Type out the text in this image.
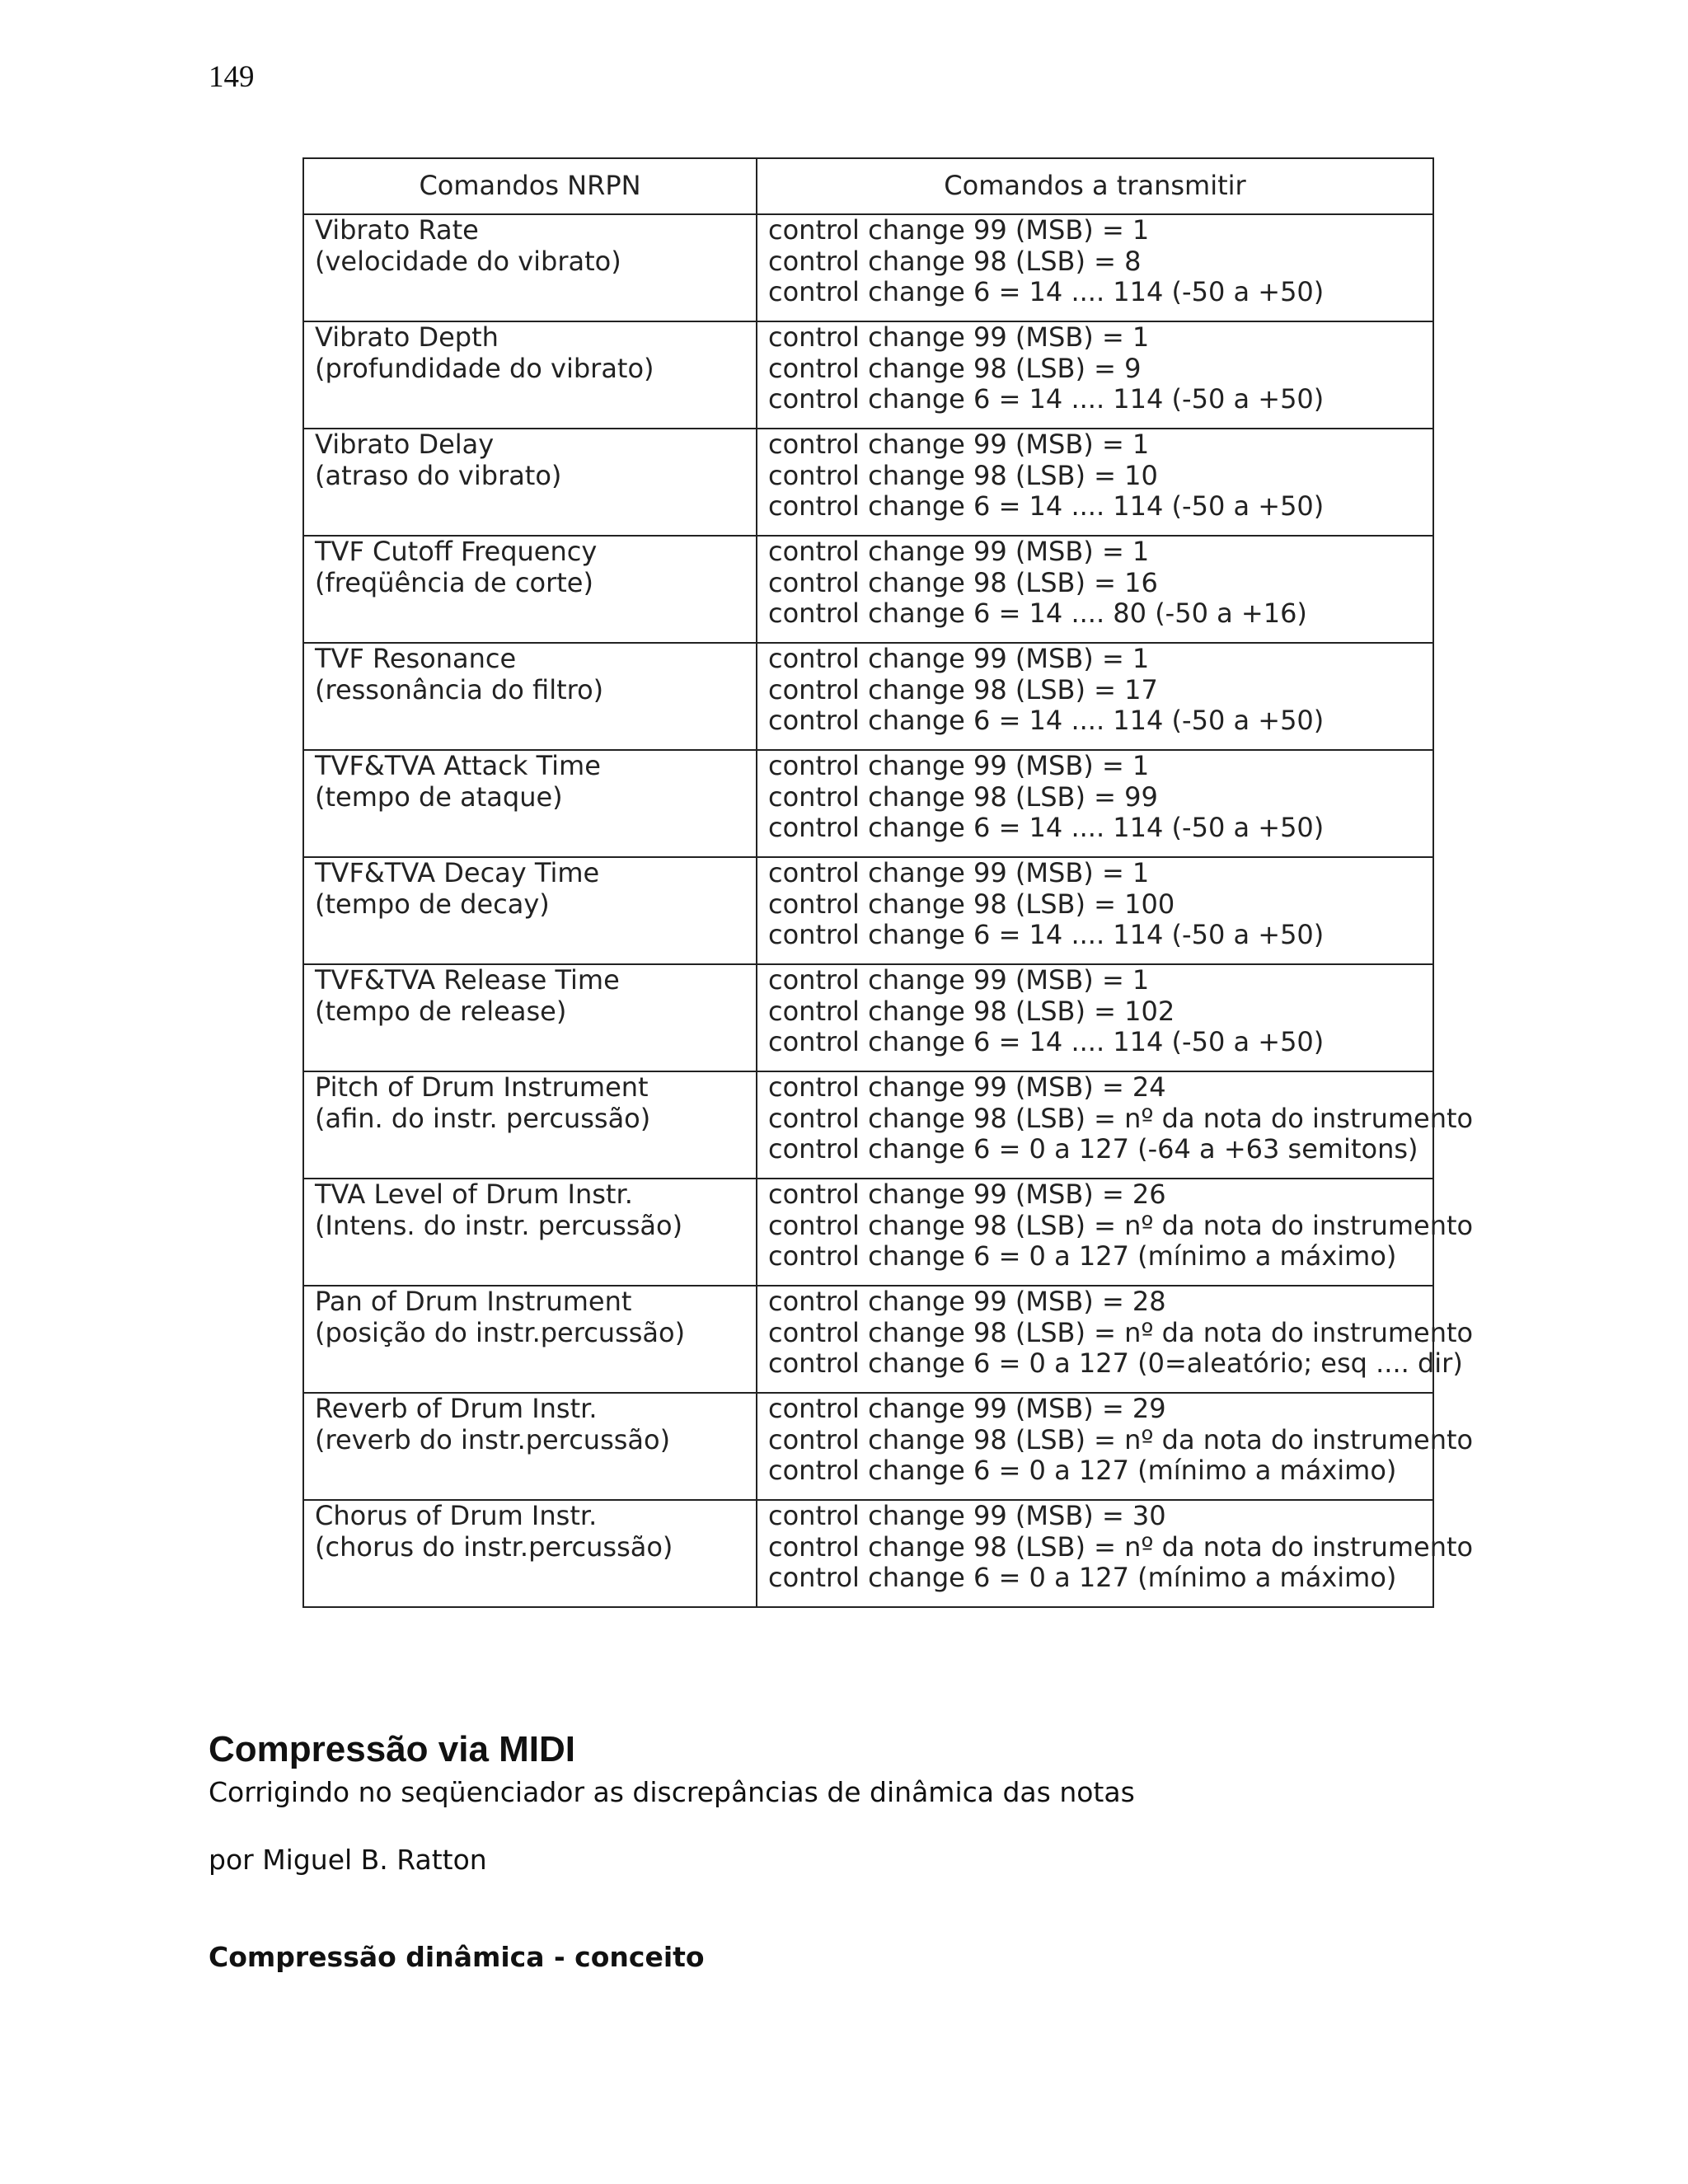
149
Comandos NRPN	Comandos a transmitir

Vibrato Rate
(velocidade do vibrato)	control change 99 (MSB) = 1
control change 98 (LSB) = 8
control change 6 = 14 .... 114 (-50 a +50)

Vibrato Depth
(profundidade do vibrato)	control change 99 (MSB) = 1
control change 98 (LSB) = 9
control change 6 = 14 .... 114 (-50 a +50)

Vibrato Delay
(atraso do vibrato)	control change 99 (MSB) = 1
control change 98 (LSB) = 10
control change 6 = 14 .... 114 (-50 a +50)

TVF Cutoff Frequency
(freqüência de corte)	control change 99 (MSB) = 1
control change 98 (LSB) = 16
control change 6 = 14 .... 80 (-50 a +16)

TVF Resonance
(ressonância do filtro)	control change 99 (MSB) = 1
control change 98 (LSB) = 17
control change 6 = 14 .... 114 (-50 a +50)

TVF&TVA Attack Time
(tempo de ataque)	control change 99 (MSB) = 1
control change 98 (LSB) = 99
control change 6 = 14 .... 114 (-50 a +50)

TVF&TVA Decay Time
(tempo de decay)	control change 99 (MSB) = 1
control change 98 (LSB) = 100
control change 6 = 14 .... 114 (-50 a +50)

TVF&TVA Release Time
(tempo de release)	control change 99 (MSB) = 1
control change 98 (LSB) = 102
control change 6 = 14 .... 114 (-50 a +50)

Pitch of Drum Instrument
(afin. do instr. percussão)	control change 99 (MSB) = 24
control change 98 (LSB) = nº da nota do instrumento
control change 6 = 0 a 127 (-64 a +63 semitons)

TVA Level of Drum Instr.
(Intens. do instr. percussão)	control change 99 (MSB) = 26
control change 98 (LSB) = nº da nota do instrumento
control change 6 = 0 a 127 (mínimo a máximo)

Pan of Drum Instrument
(posição do instr.percussão)	control change 99 (MSB) = 28
control change 98 (LSB) = nº da nota do instrumento
control change 6 = 0 a 127 (0=aleatório; esq .... dir)

Reverb of Drum Instr.
(reverb do instr.percussão)	control change 99 (MSB) = 29
control change 98 (LSB) = nº da nota do instrumento
control change 6 = 0 a 127 (mínimo a máximo)

Chorus of Drum Instr.
(chorus do instr.percussão)	control change 99 (MSB) = 30
control change 98 (LSB) = nº da nota do instrumento
control change 6 = 0 a 127 (mínimo a máximo)
Compressão via MIDI
Corrigindo no seqüenciador as discrepâncias de dinâmica das notas
por Miguel B. Ratton
Compressão dinâmica - conceito
